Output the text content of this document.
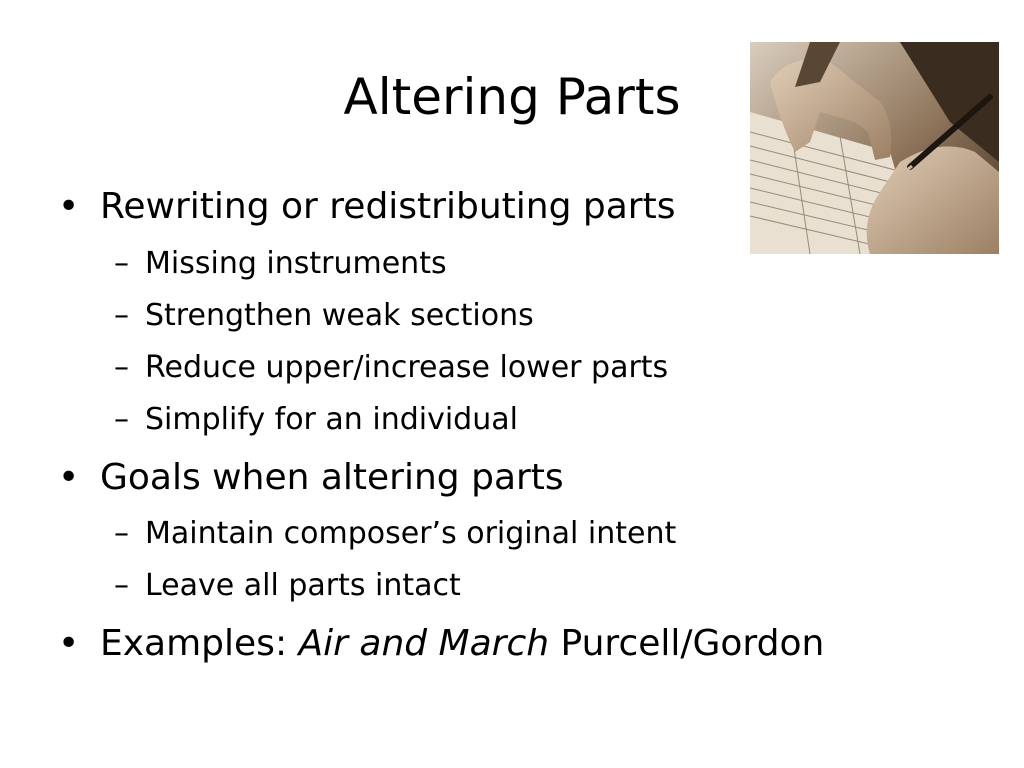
Altering Parts
• Rewriting or redistributing parts
– Missing instruments
– Strengthen weak sections
– Reduce upper/increase lower parts
– Simplify for an individual
• Goals when altering parts
– Maintain composer’s original intent
– Leave all parts intact
• Examples: Air and March Purcell/Gordon
